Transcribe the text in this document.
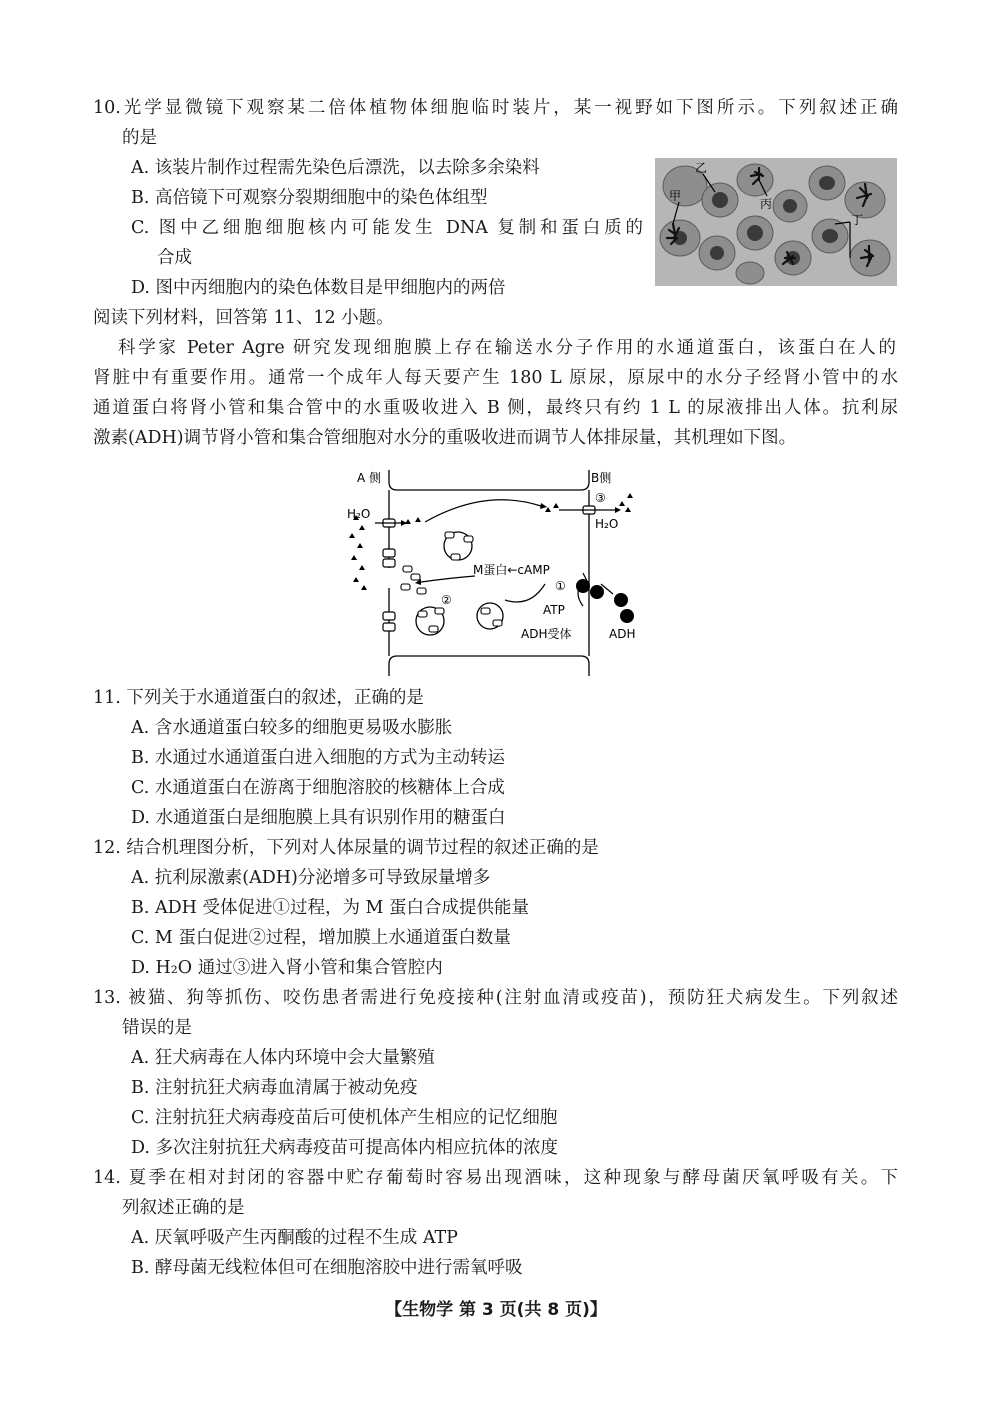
10.光学显微镜下观察某二倍体植物体细胞临时装片，某一视野如下图所示。下列叙述正确
的是
A. 该装片制作过程需先染色后漂洗，以去除多余染料
B. 高倍镜下可观察分裂期细胞中的染色体组型
C. 图中乙细胞细胞核内可能发生 DNA 复制和蛋白质的
合成
D. 图中丙细胞内的染色体数目是甲细胞内的两倍
乙
甲
丙
丁
阅读下列材料，回答第 11、12 小题。
科学家 Peter Agre 研究发现细胞膜上存在输送水分子作用的水通道蛋白，该蛋白在人的
肾脏中有重要作用。通常一个成年人每天要产生 180 L 原尿，原尿中的水分子经肾小管中的水
通道蛋白将肾小管和集合管中的水重吸收进入 B 侧，最终只有约 1 L 的尿液排出人体。抗利尿
激素(ADH)调节肾小管和集合管细胞对水分的重吸收进而调节人体排尿量，其机理如下图。
A 侧	B侧
H₂O
H₂O
③
M蛋白←cAMP
①
②
ATP
ADH受体	ADH
11. 下列关于水通道蛋白的叙述，正确的是
A. 含水通道蛋白较多的细胞更易吸水膨胀
B. 水通过水通道蛋白进入细胞的方式为主动转运
C. 水通道蛋白在游离于细胞溶胶的核糖体上合成
D. 水通道蛋白是细胞膜上具有识别作用的糖蛋白
12. 结合机理图分析，下列对人体尿量的调节过程的叙述正确的是
A. 抗利尿激素(ADH)分泌增多可导致尿量增多
B. ADH 受体促进①过程，为 M 蛋白合成提供能量
C. M 蛋白促进②过程，增加膜上水通道蛋白数量
D. H₂O 通过③进入肾小管和集合管腔内
13. 被猫、狗等抓伤、咬伤患者需进行免疫接种(注射血清或疫苗)，预防狂犬病发生。下列叙述
错误的是
A. 狂犬病毒在人体内环境中会大量繁殖
B. 注射抗狂犬病毒血清属于被动免疫
C. 注射抗狂犬病毒疫苗后可使机体产生相应的记忆细胞
D. 多次注射抗狂犬病毒疫苗可提高体内相应抗体的浓度
14. 夏季在相对封闭的容器中贮存葡萄时容易出现酒味，这种现象与酵母菌厌氧呼吸有关。下
列叙述正确的是
A. 厌氧呼吸产生丙酮酸的过程不生成 ATP
B. 酵母菌无线粒体但可在细胞溶胶中进行需氧呼吸
【生物学 第 3 页(共 8 页)】
